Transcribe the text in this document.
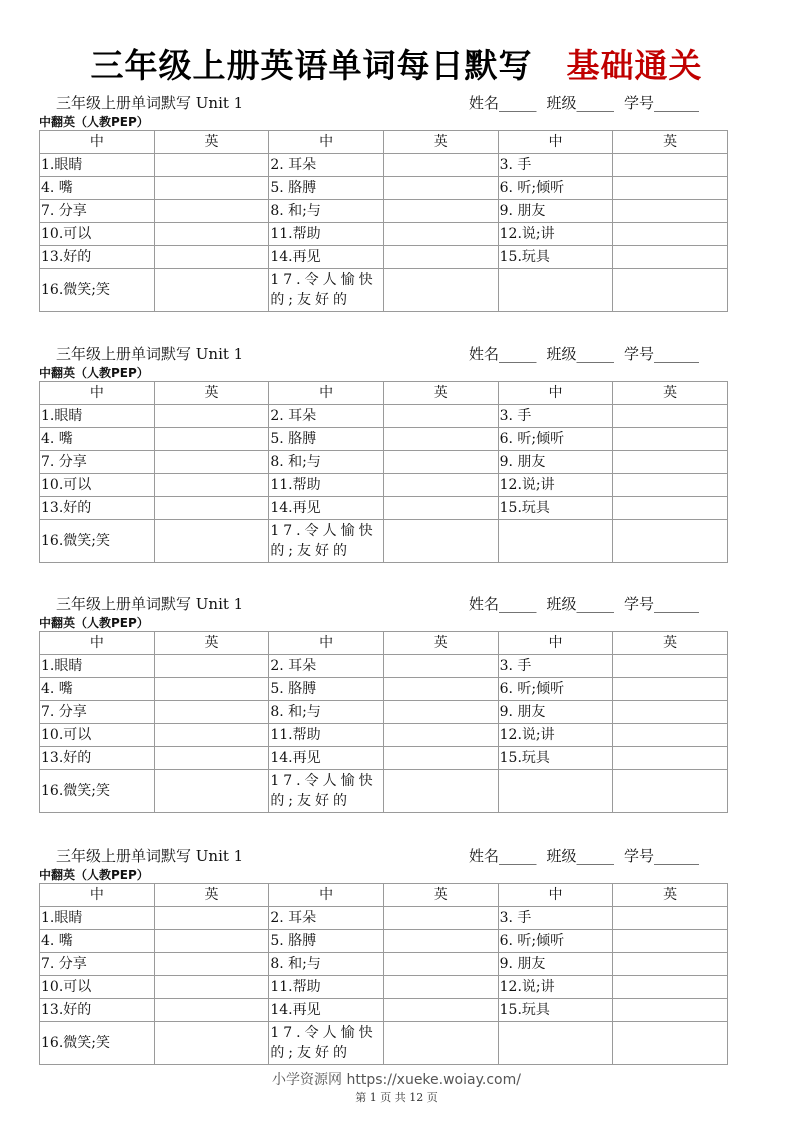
三年级上册英语单词每日默写 基础通关
三年级上册单词默写 Unit 1	姓名_____ 班级_____ 学号______
中翻英（人教PEP）
中	英	中	英	中	英
1.眼睛		2. 耳朵		3. 手	
4. 嘴		5. 胳膊		6. 听;倾听	
7. 分享		8. 和;与		9. 朋友	
10.可以		11.帮助		12.说;讲	
13.好的		14.再见		15.玩具	
16.微笑;笑		17.令人愉快的;友好的			
三年级上册单词默写 Unit 1	姓名_____ 班级_____ 学号______
中翻英（人教PEP）
中	英	中	英	中	英
1.眼睛		2. 耳朵		3. 手	
4. 嘴		5. 胳膊		6. 听;倾听	
7. 分享		8. 和;与		9. 朋友	
10.可以		11.帮助		12.说;讲	
13.好的		14.再见		15.玩具	
16.微笑;笑		17.令人愉快的;友好的			
三年级上册单词默写 Unit 1	姓名_____ 班级_____ 学号______
中翻英（人教PEP）
中	英	中	英	中	英
1.眼睛		2. 耳朵		3. 手	
4. 嘴		5. 胳膊		6. 听;倾听	
7. 分享		8. 和;与		9. 朋友	
10.可以		11.帮助		12.说;讲	
13.好的		14.再见		15.玩具	
16.微笑;笑		17.令人愉快的;友好的			
三年级上册单词默写 Unit 1	姓名_____ 班级_____ 学号______
中翻英（人教PEP）
中	英	中	英	中	英
1.眼睛		2. 耳朵		3. 手	
4. 嘴		5. 胳膊		6. 听;倾听	
7. 分享		8. 和;与		9. 朋友	
10.可以		11.帮助		12.说;讲	
13.好的		14.再见		15.玩具	
16.微笑;笑		17.令人愉快的;友好的			
小学资源网 https://xueke.woiay.com/
第 1 页 共 12 页
